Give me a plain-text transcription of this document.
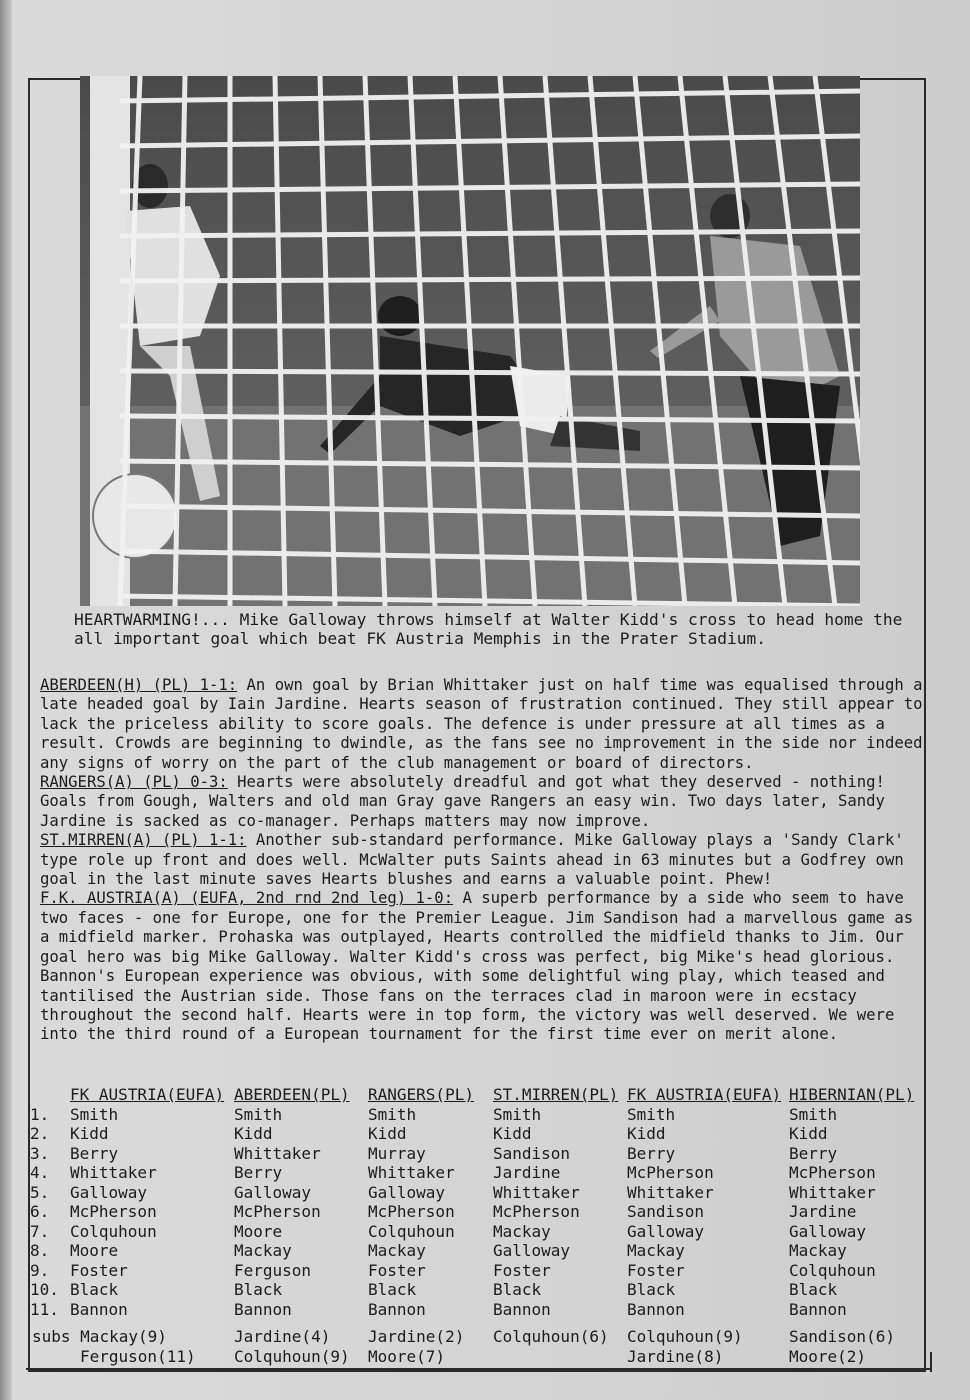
HEARTWARMING!... Mike Galloway throws himself at Walter Kidd's cross to head home the all important goal which beat FK Austria Memphis in the Prater Stadium.

ABERDEEN(H) (PL) 1-1: An own goal by Brian Whittaker just on half time was equalised through a late headed goal by Iain Jardine. Hearts season of frustration continued. They still appear to lack the priceless ability to score goals. The defence is under pressure at all times as a result. Crowds are beginning to dwindle, as the fans see no improvement in the side nor indeed any signs of worry on the part of the club management or board of directors.

RANGERS(A) (PL) 0-3: Hearts were absolutely dreadful and got what they deserved - nothing! Goals from Gough, Walters and old man Gray gave Rangers an easy win. Two days later, Sandy Jardine is sacked as co-manager. Perhaps matters may now improve.

ST.MIRREN(A) (PL) 1-1: Another sub-standard performance. Mike Galloway plays a 'Sandy Clark' type role up front and does well. McWalter puts Saints ahead in 63 minutes but a Godfrey own goal in the last minute saves Hearts blushes and earns a valuable point. Phew!

F.K. AUSTRIA(A) (EUFA, 2nd rnd 2nd leg) 1-0: A superb performance by a side who seem to have two faces - one for Europe, one for the Premier League. Jim Sandison had a marvellous game as a midfield marker. Prohaska was outplayed, Hearts controlled the midfield thanks to Jim. Our goal hero was big Mike Galloway. Walter Kidd's cross was perfect, big Mike's head glorious. Bannon's European experience was obvious, with some delightful wing play, which teased and tantilised the Austrian side. Those fans on the terraces clad in maroon were in ecstacy throughout the second half. Hearts were in top form, the victory was well deserved. We were into the third round of a European tournament for the first time ever on merit alone.

1.
2.
3.
4.
5.
6.
7.
8.
9.
10.
11.
FK AUSTRIA(EUFA)
Smith
Kidd
Berry
Whittaker
Galloway
McPherson
Colquhoun
Moore
Foster
Black
Bannon
ABERDEEN(PL)
Smith
Kidd
Whittaker
Berry
Galloway
McPherson
Moore
Mackay
Ferguson
Black
Bannon
RANGERS(PL)
Smith
Kidd
Murray
Whittaker
Galloway
McPherson
Colquhoun
Mackay
Foster
Black
Bannon
ST.MIRREN(PL)
Smith
Kidd
Sandison
Jardine
Whittaker
McPherson
Mackay
Galloway
Foster
Black
Bannon
FK AUSTRIA(EUFA)
Smith
Kidd
Berry
McPherson
Whittaker
Sandison
Galloway
Mackay
Foster
Black
Bannon
HIBERNIAN(PL)
Smith
Kidd
Berry
McPherson
Whittaker
Jardine
Galloway
Mackay
Colquhoun
Black
Bannon
subs Mackay(9)
Ferguson(11)
Jardine(4)
Colquhoun(9)
Jardine(2)
Moore(7)
Colquhoun(6)
Colquhoun(9)
Jardine(8)
Sandison(6)
Moore(2)
